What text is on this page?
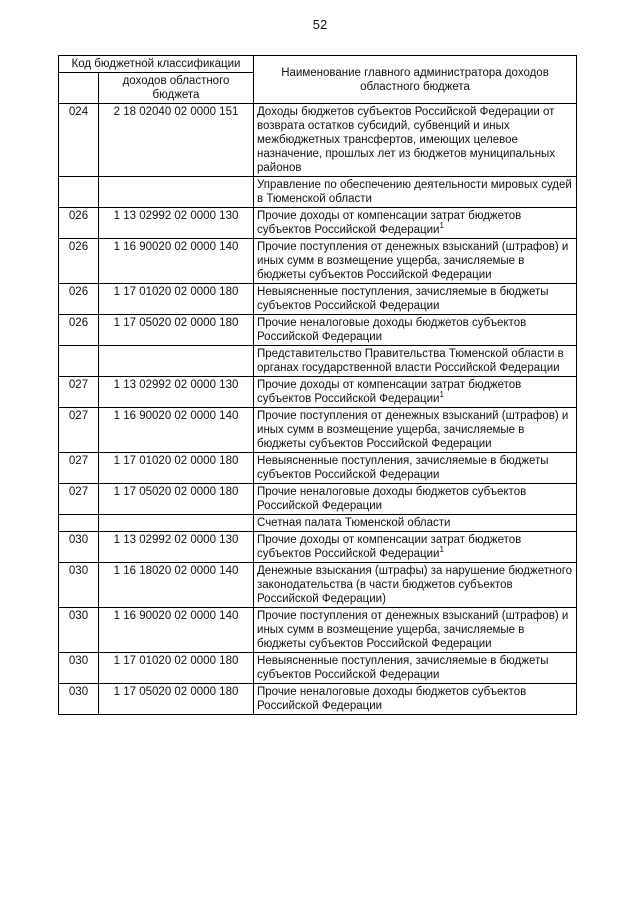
52
Код бюджетной классификации		Наименование главного администратора доходов областного бюджета
	доходов областного бюджета	
024	2 18 02040 02 0000 151	Доходы бюджетов субъектов Российской Федерации от возврата остатков субсидий, субвенций и иных межбюджетных трансфертов, имеющих целевое назначение, прошлых лет из бюджетов муниципальных районов
		Управление по обеспечению деятельности мировых судей в Тюменской области
026	1 13 02992 02 0000 130	Прочие доходы от компенсации затрат бюджетов субъектов Российской Федерации$^1$
026	1 16 90020 02 0000 140	Прочие поступления от денежных взысканий (штрафов) и иных сумм в возмещение ущерба, зачисляемые в бюджеты субъектов Российской Федерации
026	1 17 01020 02 0000 180	Невыясненные поступления, зачисляемые в бюджеты субъектов Российской Федерации
026	1 17 05020 02 0000 180	Прочие неналоговые доходы бюджетов субъектов Российской Федерации
		Представительство Правительства Тюменской области в органах государственной власти Российской Федерации
027	1 13 02992 02 0000 130	Прочие доходы от компенсации затрат бюджетов субъектов Российской Федерации$^1$
027	1 16 90020 02 0000 140	Прочие поступления от денежных взысканий (штрафов) и иных сумм в возмещение ущерба, зачисляемые в бюджеты субъектов Российской Федерации
027	1 17 01020 02 0000 180	Невыясненные поступления, зачисляемые в бюджеты субъектов Российской Федерации
027	1 17 05020 02 0000 180	Прочие неналоговые доходы бюджетов субъектов Российской Федерации
		Счетная палата Тюменской области
030	1 13 02992 02 0000 130	Прочие доходы от компенсации затрат бюджетов субъектов Российской Федерации$^1$
030	1 16 18020 02 0000 140	Денежные взыскания (штрафы) за нарушение бюджетного законодательства (в части бюджетов субъектов Российской Федерации)
030	1 16 90020 02 0000 140	Прочие поступления от денежных взысканий (штрафов) и иных сумм в возмещение ущерба, зачисляемые в бюджеты субъектов Российской Федерации
030	1 17 01020 02 0000 180	Невыясненные поступления, зачисляемые в бюджеты субъектов Российской Федерации
030	1 17 05020 02 0000 180	Прочие неналоговые доходы бюджетов субъектов Российской Федерации
